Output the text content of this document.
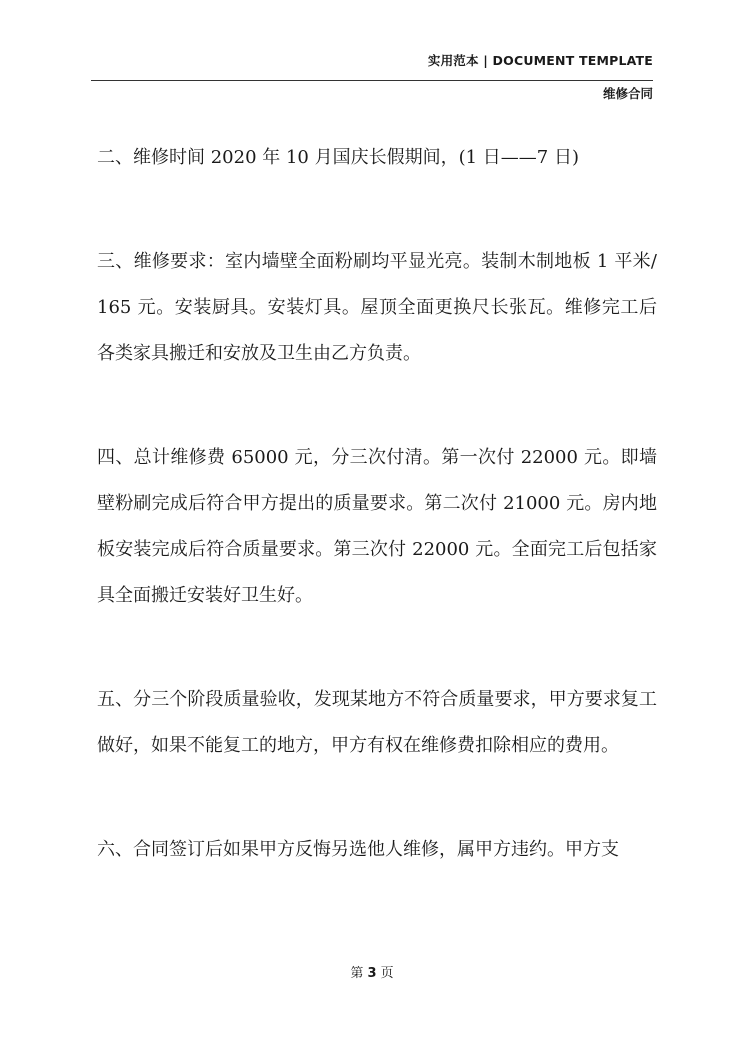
实用范本 | DOCUMENT TEMPLATE
维修合同

二、维修时间 2020 年 10 月国庆长假期间，(1 日——7 日)

三、维修要求：室内墙壁全面粉刷均平显光亮。装制木制地板 1 平米/165 元。安装厨具。安装灯具。屋顶全面更换尺长张瓦。维修完工后各类家具搬迁和安放及卫生由乙方负责。

四、总计维修费 65000 元，分三次付清。第一次付 22000 元。即墙壁粉刷完成后符合甲方提出的质量要求。第二次付 21000 元。房内地板安装完成后符合质量要求。第三次付 22000 元。全面完工后包括家具全面搬迁安装好卫生好。

五、分三个阶段质量验收，发现某地方不符合质量要求，甲方要求复工做好，如果不能复工的地方，甲方有权在维修费扣除相应的费用。

六、合同签订后如果甲方反悔另选他人维修，属甲方违约。甲方支

第 3 页
